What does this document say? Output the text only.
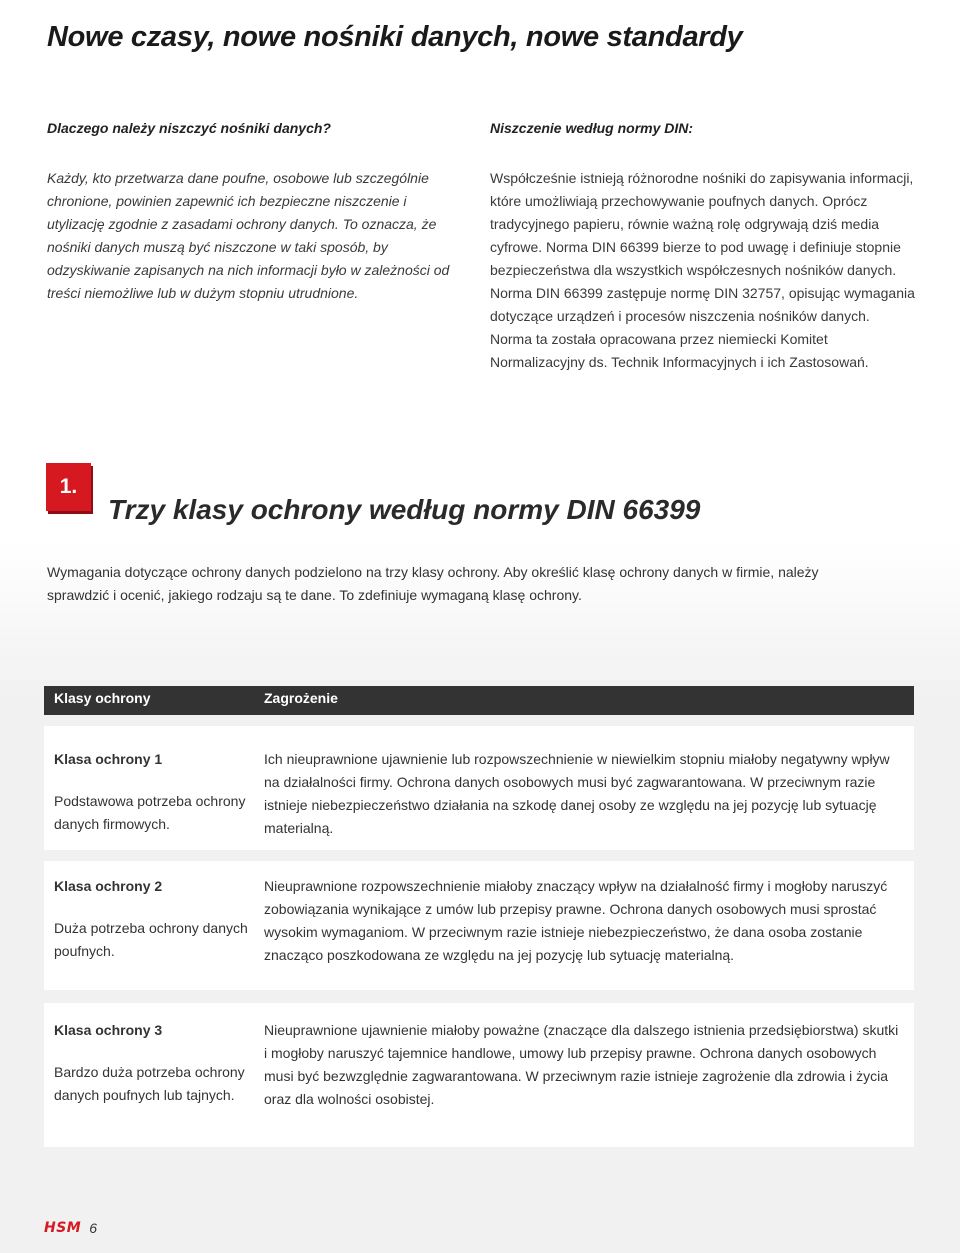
Nowe czasy, nowe nośniki danych, nowe standardy

Dlaczego należy niszczyć nośniki danych?

Każdy, kto przetwarza dane poufne, osobowe lub szczególnie chronione, powinien zapewnić ich bezpieczne niszczenie i utylizację zgodnie z zasadami ochrony danych. To oznacza, że nośniki danych muszą być niszczone w taki sposób, by odzyskiwanie zapisanych na nich informacji było w zależności od treści niemożliwe lub w dużym stopniu utrudnione.

Niszczenie według normy DIN:

Współcześnie istnieją różnorodne nośniki do zapisywania informacji, które umożliwiają przechowywanie poufnych danych. Oprócz tradycyjnego papieru, równie ważną rolę odgrywają dziś media cyfrowe. Norma DIN 66399 bierze to pod uwagę i definiuje stopnie bezpieczeństwa dla wszystkich współczesnych nośników danych. Norma DIN 66399 zastępuje normę DIN 32757, opisując wymagania dotyczące urządzeń i procesów niszczenia nośników danych. Norma ta została opracowana przez niemiecki Komitet Normalizacyjny ds. Technik Informacyjnych i ich Zastosowań.

1.
Trzy klasy ochrony według normy DIN 66399

Wymagania dotyczące ochrony danych podzielono na trzy klasy ochrony. Aby określić klasę ochrony danych w firmie, należy sprawdzić i ocenić, jakiego rodzaju są te dane. To zdefiniuje wymaganą klasę ochrony.

Klasy ochrony	Zagrożenie

Klasa ochrony 1

Podstawowa potrzeba ochrony danych firmowych.

Ich nieuprawnione ujawnienie lub rozpowszechnienie w niewielkim stopniu miałoby negatywny wpływ na działalności firmy. Ochrona danych osobowych musi być zagwarantowana. W przeciwnym razie istnieje niebezpieczeństwo działania na szkodę danej osoby ze względu na jej pozycję lub sytuację materialną.

Klasa ochrony 2

Duża potrzeba ochrony danych poufnych.

Nieuprawnione rozpowszechnienie miałoby znaczący wpływ na działalność firmy i mogłoby naruszyć zobowiązania wynikające z umów lub przepisy prawne. Ochrona danych osobowych musi sprostać wysokim wymaganiom. W przeciwnym razie istnieje niebezpieczeństwo, że dana osoba zostanie znacząco poszkodowana ze względu na jej pozycję lub sytuację materialną.

Klasa ochrony 3

Bardzo duża potrzeba ochrony danych poufnych lub tajnych.

Nieuprawnione ujawnienie miałoby poważne (znaczące dla dalszego istnienia przedsiębiorstwa) skutki i mogłoby naruszyć tajemnice handlowe, umowy lub przepisy prawne. Ochrona danych osobowych musi być bezwzględnie zagwarantowana. W przeciwnym razie istnieje zagrożenie dla zdrowia i życia oraz dla wolności osobistej.

HSM 6
